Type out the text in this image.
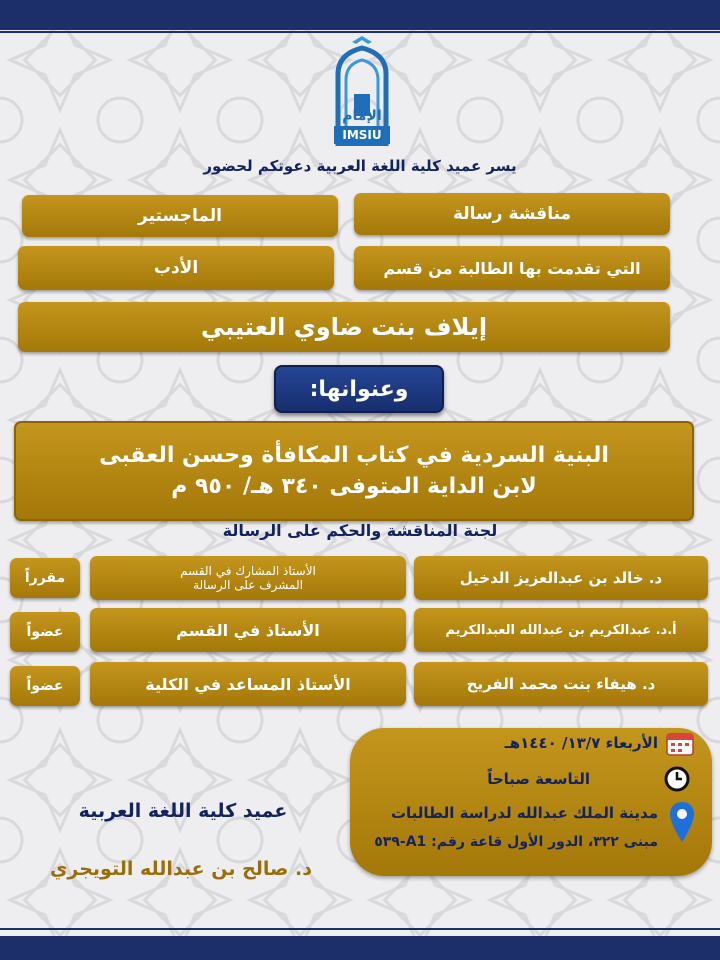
الإمام
IMSIU
يسر عميد كلية اللغة العربية دعوتكم لحضور
مناقشة رسالة
الماجستير
التي تقدمت بها الطالبة من قسم
الأدب
إيلاف بنت ضاوي العتيبي
وعنوانها:
البنية السردية في كتاب المكافأة وحسن العقبى
لابن الداية المتوفى ٣٤٠ هـ/ ٩٥٠ م
لجنة المناقشة والحكم على الرسالة
د. خالد بن عبدالعزيز الدخيل
الأستاذ المشارك في القسم
المشرف على الرسالة
مقرراً
أ.د. عبدالكريم بن عبدالله العبدالكريم
الأستاذ في القسم
عضواً
د. هيفاء بنت محمد الفريح
الأستاذ المساعد في الكلية
عضواً
الأربعاء ١٣/٧/ ١٤٤٠هـ
التاسعة صباحاً
مدينة الملك عبدالله لدراسة الطالبات
مبنى ٣٢٢، الدور الأول قاعة رقم: A1-٥٣٩
عميد كلية اللغة العربية
د. صالح بن عبدالله التويجري
